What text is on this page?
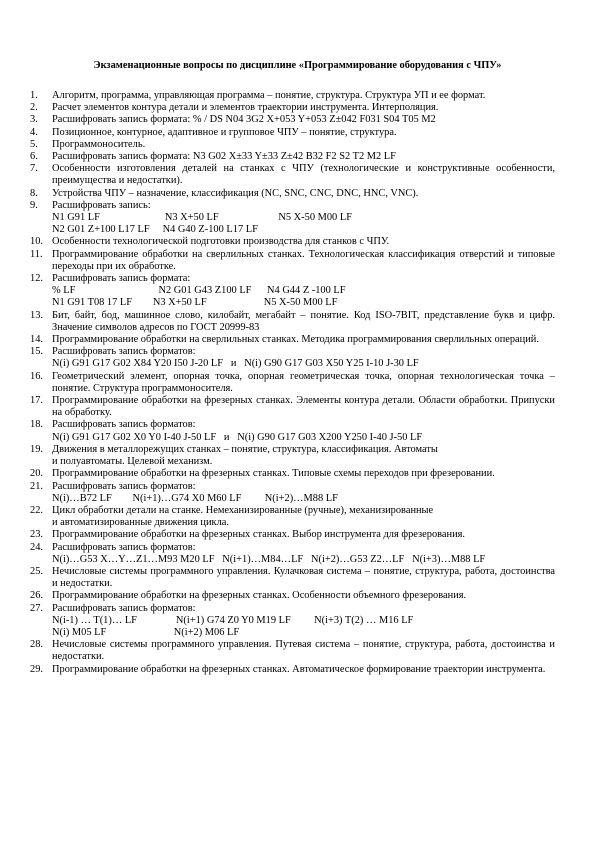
Экзаменационные вопросы по дисциплине «Программирование оборудования с ЧПУ»
1.	Алгоритм, программа, управляющая программа – понятие, структура. Структура УП и ее формат.
2.	Расчет элементов контура детали и элементов траектории инструмента. Интерполяция.
3.	Расшифровать запись формата: % / DS N04 3G2 X+053 Y+053 Z±042 F031 S04 T05 M2
4.	Позиционное, контурное, адаптивное и групповое ЧПУ – понятие, структура.
5.	Программоноситель.
6.	Расшифровать запись формата: N3 G02 X±33 Y±33 Z±42 B32 F2 S2 T2 M2 LF
7.	Особенности изготовления деталей на станках с ЧПУ (технологические и конструктивные особенности, преимущества и недостатки).
8.	Устройства ЧПУ – назначение, классификация (NC, SNC, CNC, DNC, HNC, VNC).
9.	Расшифровать запись:
N1 G91 LF                         N3 X+50 LF                       N5 X-50 M00 LF
N2 G01 Z+100 L17 LF     N4 G40 Z-100 L17 LF
10. Особенности технологической подготовки производства для станков с ЧПУ.
11. Программирование обработки на сверлильных станках. Технологическая классификация отверстий и типовые переходы при их обработке.
12. Расшифровать запись формата:
% LF                                N2 G01 G43 Z100 LF      N4 G44 Z -100 LF
N1 G91 T08 17 LF        N3 X+50 LF                      N5 X-50 M00 LF
13. Бит, байт, бод, машинное слово, килобайт, мегабайт – понятие. Код ISO-7BIT, представление букв и цифр. Значение символов адресов по ГОСТ 20999-83
14. Программирование обработки на сверлильных станках. Методика программирования сверлильных операций.
15. Расшифровать запись форматов:
N(i) G91 G17 G02 X84 Y20 I50 J-20 LF   и   N(i) G90 G17 G03 X50 Y25 I-10 J-30 LF
16. Геометрический элемент, опорная точка, опорная геометрическая точка, опорная технологическая точка – понятие. Структура программоносителя.
17. Программирование обработки на фрезерных станках. Элементы контура детали. Области обработки. Припуски на обработку.
18. Расшифровать запись форматов:
N(i) G91 G17 G02 X0 Y0 I-40 J-50 LF   и   N(i) G90 G17 G03 X200 Y250 I-40 J-50 LF
19. Движения в металлорежущих станках – понятие, структура, классификация. Автоматы
и полуавтоматы. Целевой механизм.
20. Программирование обработки на фрезерных станках. Типовые схемы переходов при фрезеровании.
21. Расшифровать запись форматов:
N(i)…B72 LF        N(i+1)…G74 X0 M60 LF         N(i+2)…M88 LF
22. Цикл обработки детали на станке. Немеханизированные (ручные), механизированные
и автоматизированные движения цикла.
23. Программирование обработки на фрезерных станках. Выбор инструмента для фрезерования.
24. Расшифровать запись форматов:
N(i)…G53 X…Y…Z1…M93 M20 LF   N(i+1)…M84…LF   N(i+2)…G53 Z2…LF   N(i+3)…M88 LF
25. Нечисловые системы программного управления. Кулачковая система – понятие, структура, работа, достоинства и недостатки.
26. Программирование обработки на фрезерных станках. Особенности объемного фрезерования.
27. Расшифровать запись форматов:
N(i-1) … T(1)… LF               N(i+1) G74 Z0 Y0 M19 LF         N(i+3) T(2) … M16 LF
N(i) M05 LF                          N(i+2) M06 LF
28. Нечисловые системы программного управления. Путевая система – понятие, структура, работа, достоинства и недостатки.
29. Программирование обработки на фрезерных станках. Автоматическое формирование траектории инструмента.
